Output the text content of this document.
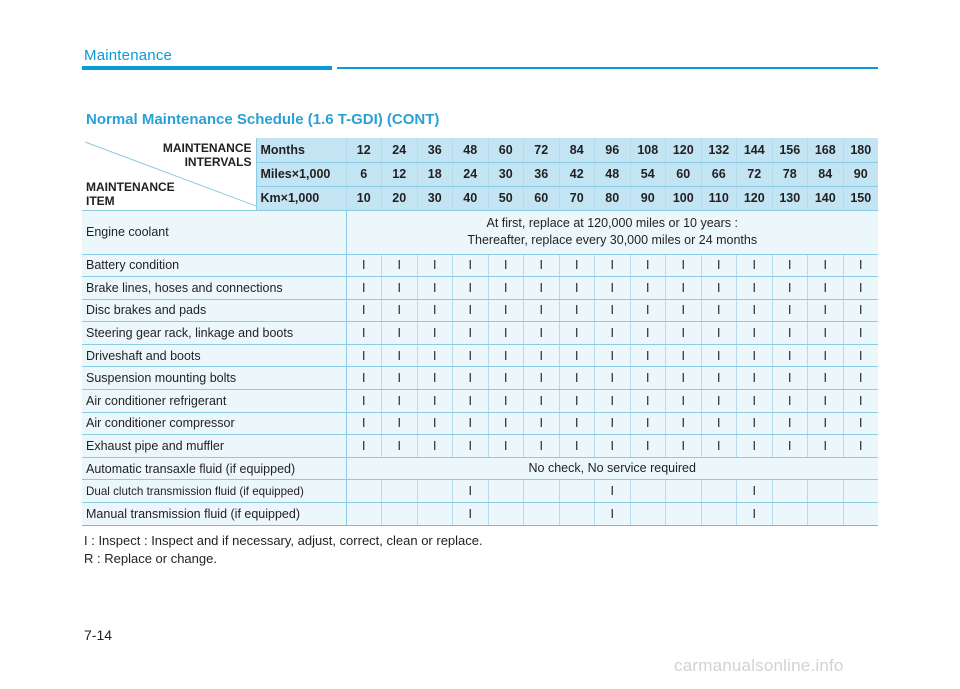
Maintenance
Normal Maintenance Schedule (1.6 T-GDI) (CONT)
MAINTENANCE
INTERVALS
MAINTENANCE
ITEM	Months	12	24	36	48	60	72	84	96	108	120	132	144	156	168	180
	Miles×1,000	6	12	18	24	30	36	42	48	54	60	66	72	78	84	90
	Km×1,000	10	20	30	40	50	60	70	80	90	100	110	120	130	140	150
Engine coolant		At first, replace at 120,000 miles or 10 years :
Thereafter, replace every 30,000 miles or 24 months														

Battery condition		I	I	I	I	I	I	I	I	I	I	I	I	I	I	I
Brake lines, hoses and connections		I	I	I	I	I	I	I	I	I	I	I	I	I	I	I
Disc brakes and pads		I	I	I	I	I	I	I	I	I	I	I	I	I	I	I
Steering gear rack, linkage and boots		I	I	I	I	I	I	I	I	I	I	I	I	I	I	I
Driveshaft and boots		I	I	I	I	I	I	I	I	I	I	I	I	I	I	I
Suspension mounting bolts		I	I	I	I	I	I	I	I	I	I	I	I	I	I	I
Air conditioner refrigerant		I	I	I	I	I	I	I	I	I	I	I	I	I	I	I
Air conditioner compressor		I	I	I	I	I	I	I	I	I	I	I	I	I	I	I
Exhaust pipe and muffler		I	I	I	I	I	I	I	I	I	I	I	I	I	I	I
Automatic transaxle fluid (if equipped)		No check, No service required														

Dual clutch transmission fluid (if equipped)					I				I				I			
Manual transmission fluid (if equipped)					I				I				I			
I : Inspect : Inspect and if necessary, adjust, correct, clean or replace.
R : Replace or change.
7-14
carmanualsonline.info
